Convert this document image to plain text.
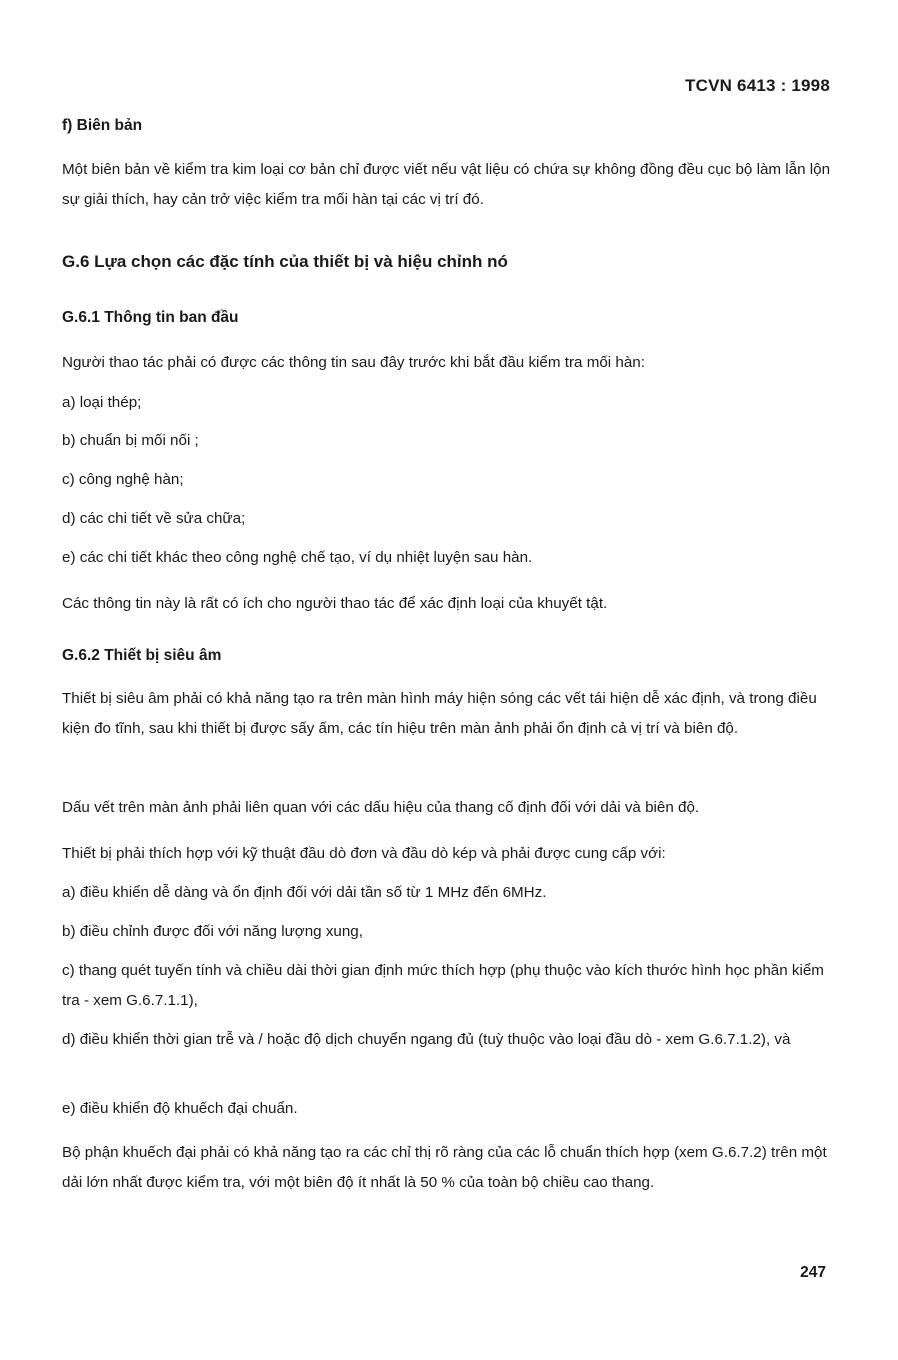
TCVN 6413 : 1998
f) Biên bản
Một biên bản về kiểm tra kim loại cơ bản chỉ được viết nếu vật liệu có chứa sự không đồng đều cục bộ làm lẫn lộn sự giải thích, hay cản trở việc kiểm tra mối hàn tại các vị trí đó.
G.6 Lựa chọn các đặc tính của thiết bị và hiệu chỉnh nó
G.6.1 Thông tin ban đầu
Người thao tác phải có được các thông tin sau đây trước khi bắt đầu kiểm tra mối hàn:
a) loại thép;
b) chuẩn bị mối nối ;
c) công nghệ hàn;
d) các chi tiết về sửa chữa;
e) các chi tiết khác theo công nghệ chế tạo, ví dụ nhiệt luyện sau hàn.
Các thông tin này là rất có ích cho người thao tác để xác định loại của khuyết tật.
G.6.2 Thiết bị siêu âm
Thiết bị siêu âm phải có khả năng tạo ra trên màn hình máy hiện sóng các vết tái hiện dễ xác định, và trong điều kiện đo tĩnh, sau khi thiết bị được sấy ấm, các tín hiệu trên màn ảnh phải ổn định cả vị trí và biên độ.
Dấu vết trên màn ảnh phải liên quan với các dấu hiệu của thang cố định đối với dải và biên độ.
Thiết bị phải thích hợp với kỹ thuật đầu dò đơn và đầu dò kép và phải được cung cấp với:
a) điều khiển dễ dàng và ổn định đối với dải tần số từ 1 MHz đến 6MHz.
b) điều chỉnh được đối với năng lượng xung,
c) thang quét tuyến tính và chiều dài thời gian định mức thích hợp (phụ thuộc vào kích thước hình học phần kiểm tra - xem G.6.7.1.1),
d) điều khiển thời gian trễ và / hoặc độ dịch chuyển ngang đủ (tuỳ thuộc vào loại đầu dò - xem G.6.7.1.2), và
e) điều khiển độ khuếch đại chuẩn.
Bộ phận khuếch đại phải có khả năng tạo ra các chỉ thị rõ ràng của các lỗ chuẩn thích hợp (xem G.6.7.2) trên một dải lớn nhất được kiểm tra, với một biên độ ít nhất là 50 % của toàn bộ chiều cao thang.
247
